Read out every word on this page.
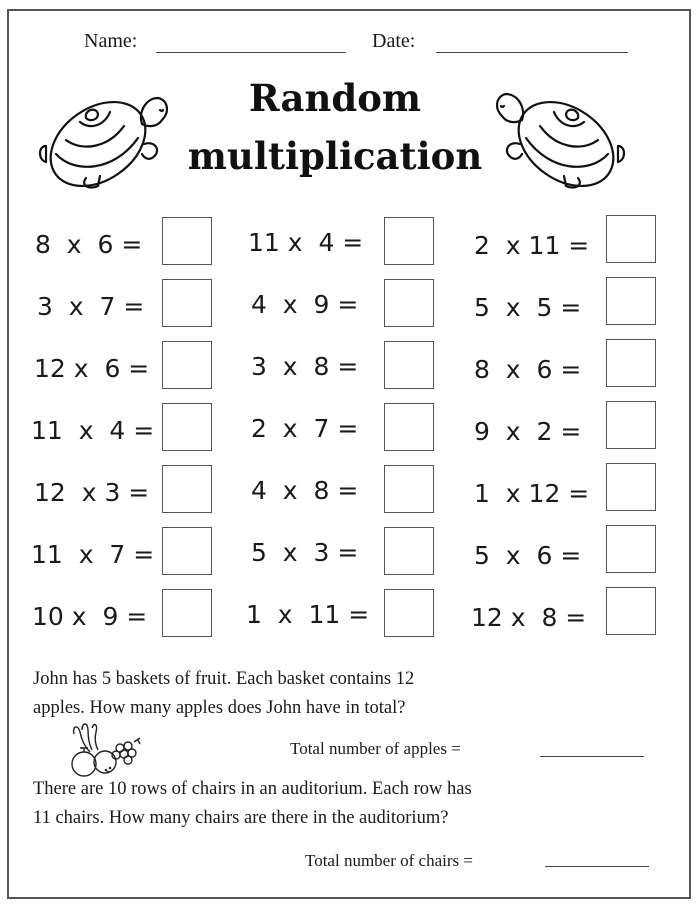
Name:	Date:
Random
multiplication
8  x  6 =
3  x  7 =
12 x  6 =
11  x  4 =
12  x 3 =
11  x  7 =
10 x  9 =
11 x  4 =
4  x  9 =
3  x  8 =
2  x  7 =
4  x  8 =
5  x  3 =
1  x  11 =
2  x 11 =
5  x  5 =
8  x  6 =
9  x  2 =
1  x 12 =
5  x  6 =
12 x  8 =
John has 5 baskets of fruit. Each basket contains 12
apples. How many apples does John have in total?
Total number of apples =
There are 10 rows of chairs in an auditorium. Each row has
11 chairs. How many chairs are there in the auditorium?
Total number of chairs =
